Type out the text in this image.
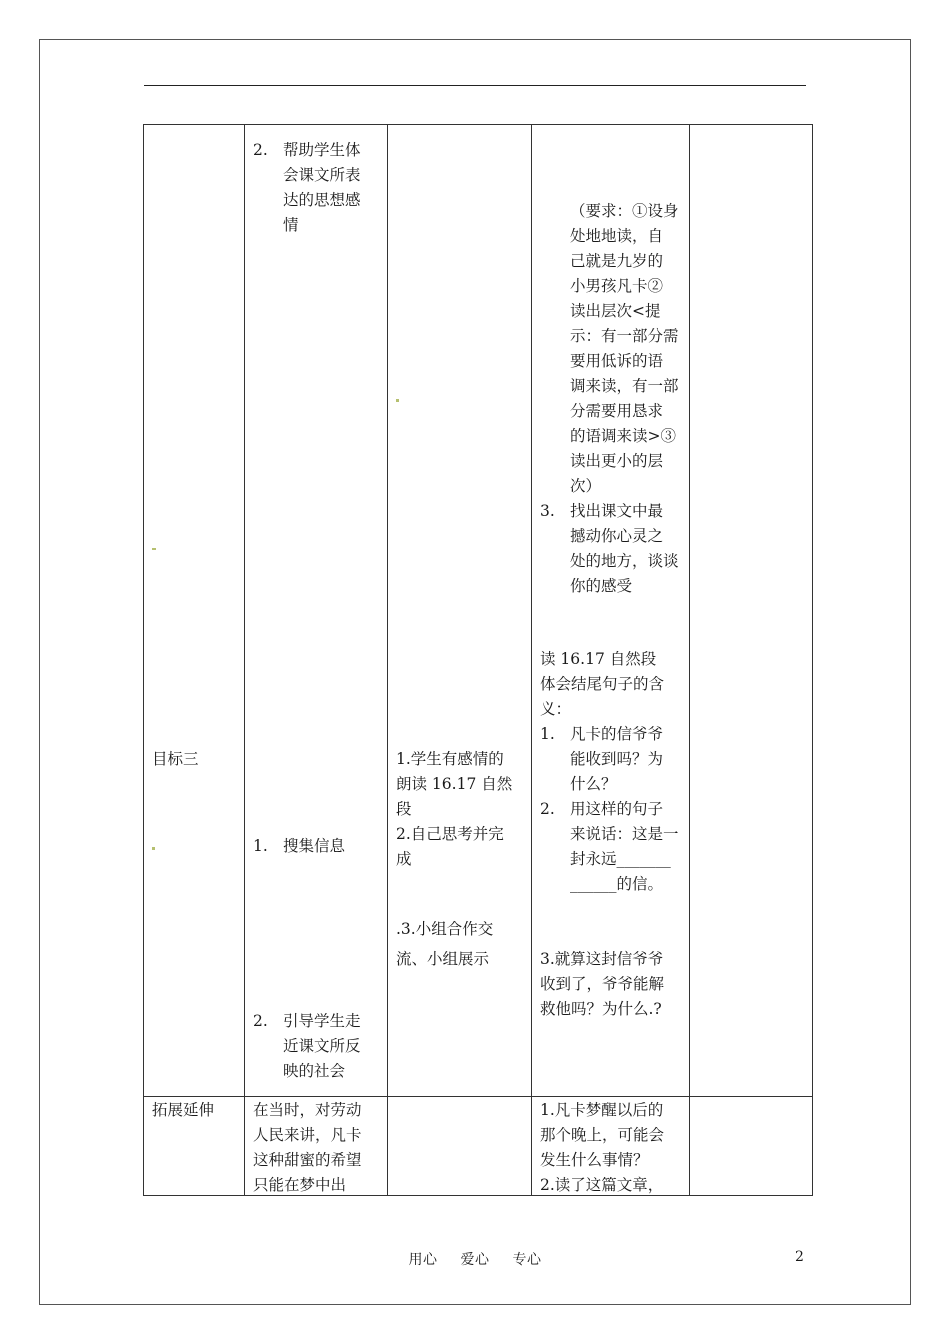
2. 帮助学生体
会课文所表
达的思想感
情
（要求：①设身
处地地读，自
己就是九岁的
小男孩凡卡②
读出层次<提
示：有一部分需
要用低诉的语
调来读，有一部
分需要用恳求
的语调来读>③
读出更小的层
次）
3. 找出课文中最
撼动你心灵之
处的地方，谈谈
你的感受
目标三
1. 搜集信息
2. 引导学生走
近课文所反
映的社会
1.学生有感情的
朗读 16.17 自然
段
2.自己思考并完
成
.3.小组合作交
流、小组展示
读 16.17 自然段
体会结尾句子的含
义：
1. 凡卡的信爷爷
能收到吗？为
什么？
2. 用这样的句子
来说话：这是一
封永远_______
______的信。
3.就算这封信爷爷
收到了，爷爷能解
救他吗？为什么.?
拓展延伸	在当时，对劳动
人民来讲，凡卡
这种甜蜜的希望
只能在梦中出
1.凡卡梦醒以后的
那个晚上，可能会
发生什么事情？
2.读了这篇文章，
用心 爱心 专心	2
